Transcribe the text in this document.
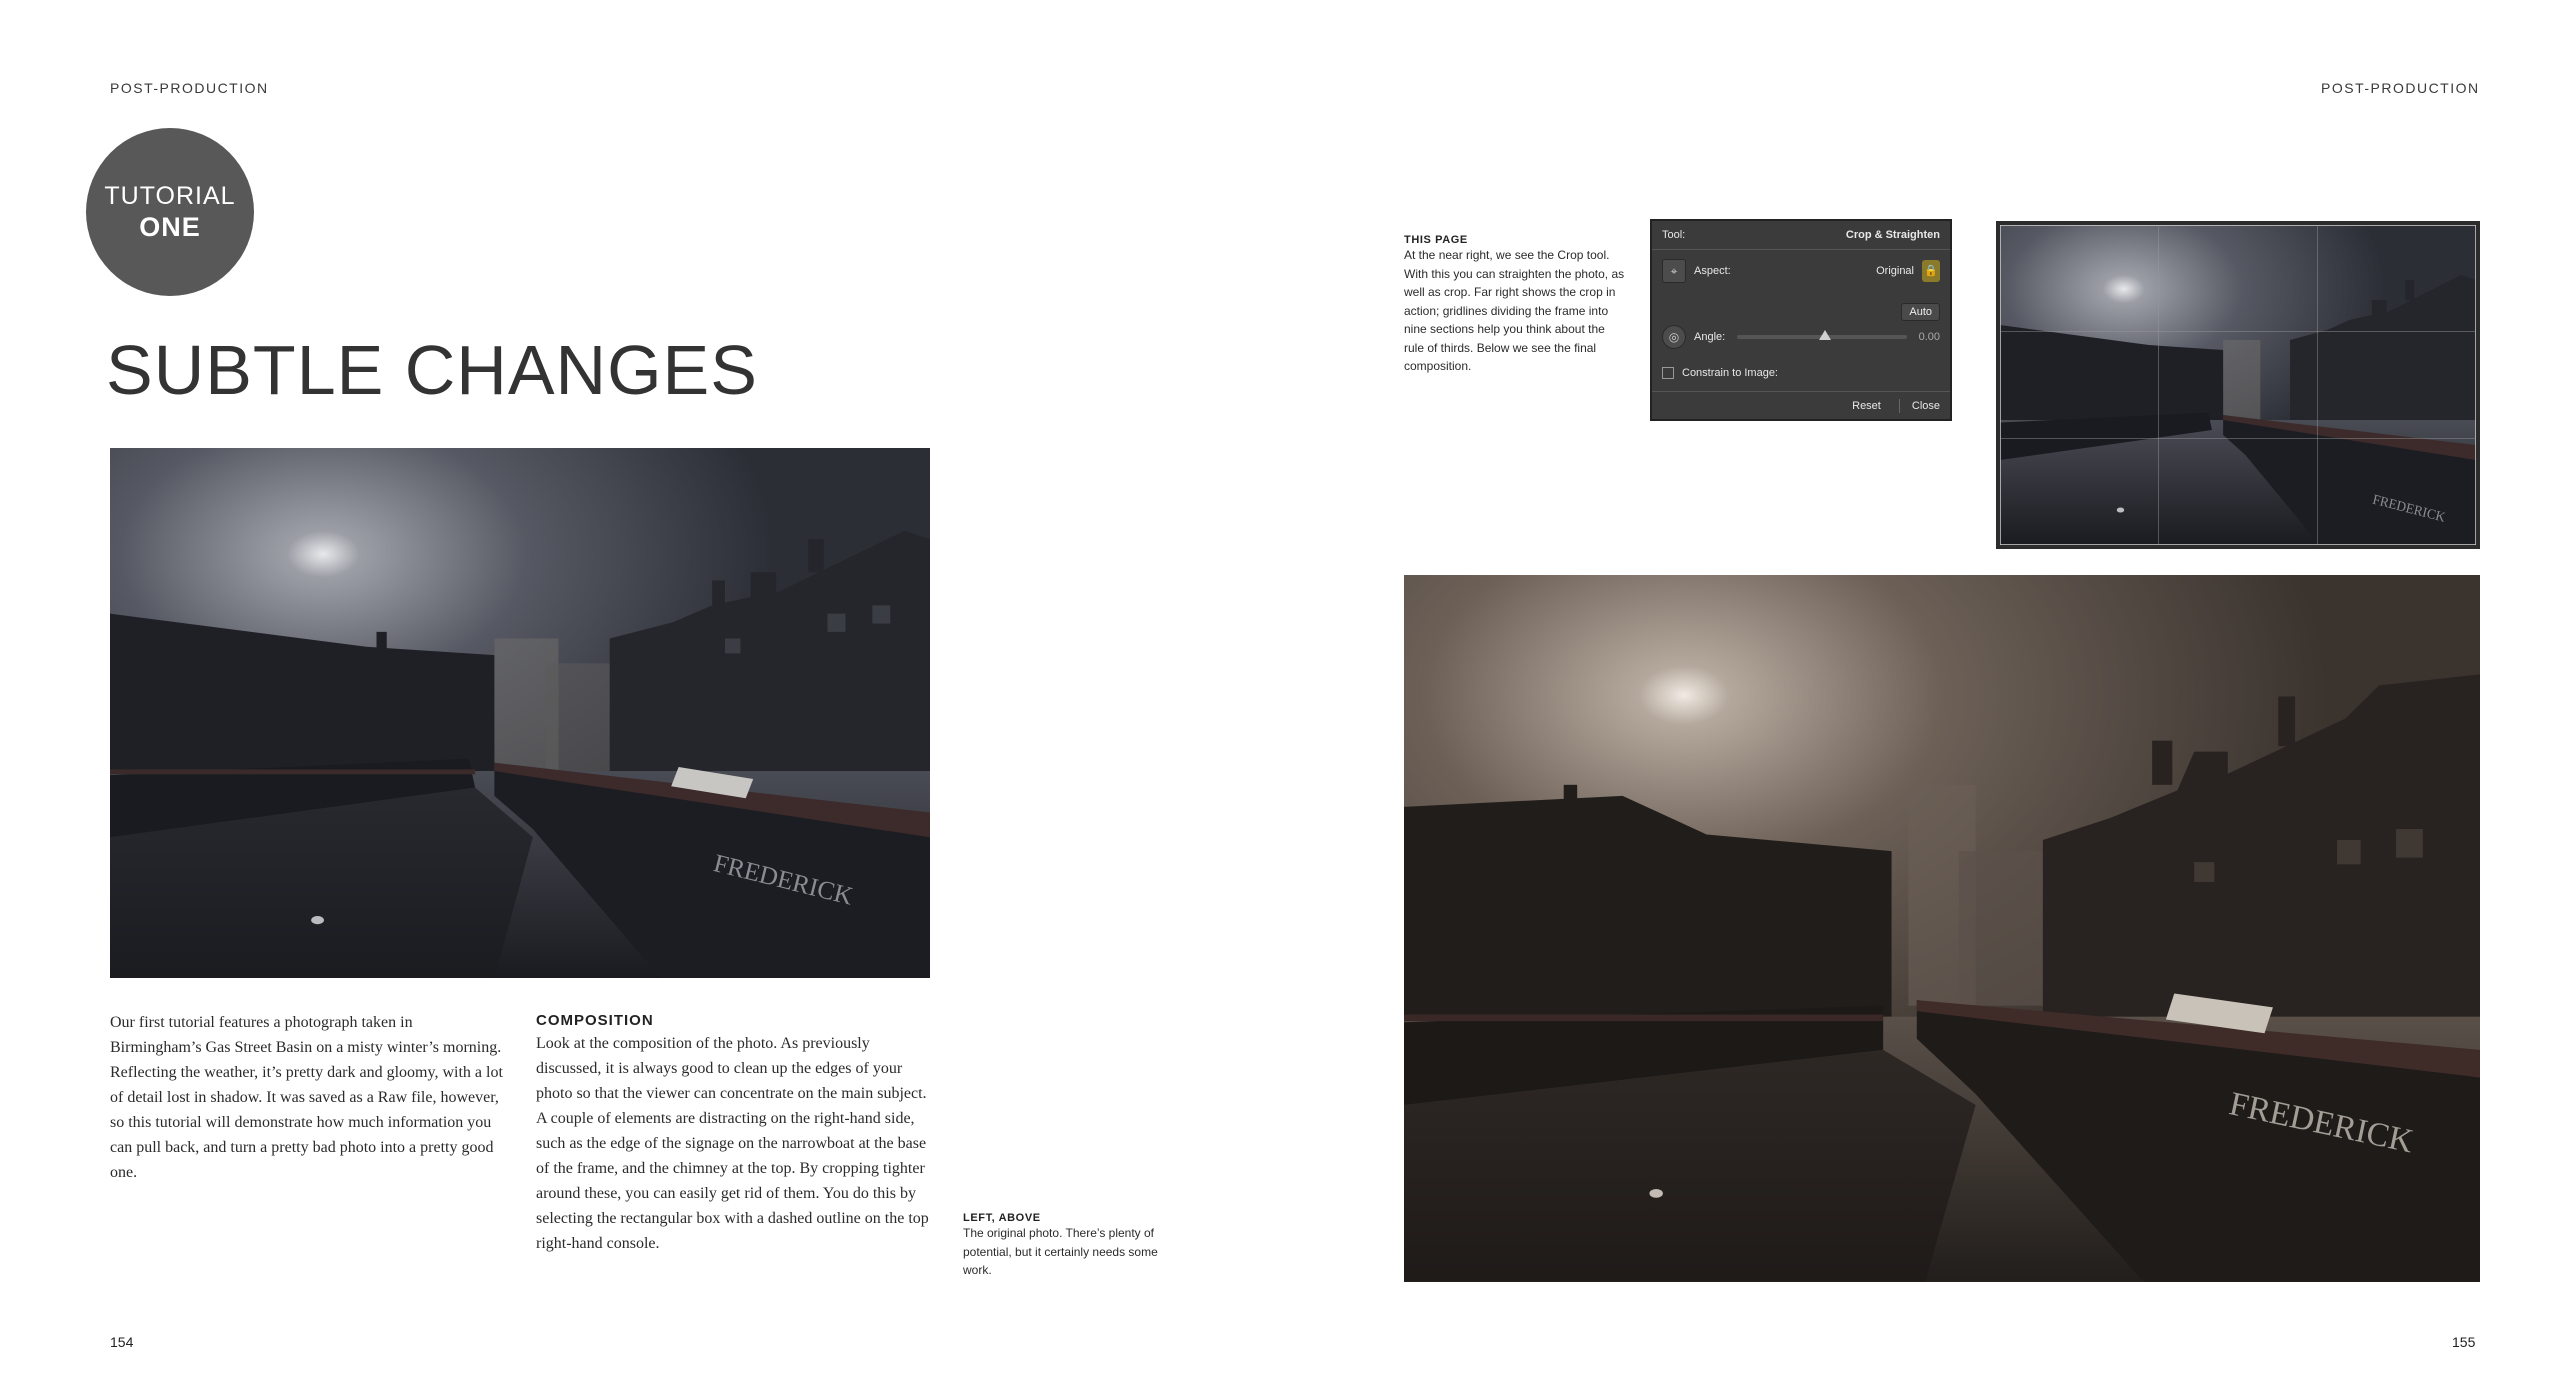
POST-PRODUCTION	POST-PRODUCTION
TUTORIAL
ONE
SUBTLE CHANGES
FREDERICK
Our first tutorial features a photograph taken in Birmingham’s Gas Street Basin on a misty winter’s morning. Reflecting the weather, it’s pretty dark and gloomy, with a lot of detail lost in shadow. It was saved as a Raw file, however, so this tutorial will demonstrate how much information you can pull back, and turn a pretty bad photo into a pretty good one.
COMPOSITION
Look at the composition of the photo. As previously discussed, it is always good to clean up the edges of your photo so that the viewer can concentrate on the main subject. A couple of elements are distracting on the right-hand side, such as the edge of the signage on the narrowboat at the base of the frame, and the chimney at the top. By cropping tighter around these, you can easily get rid of them. You do this by selecting the rectangular box with a dashed outline on the top right-hand console.
LEFT, ABOVE
The original photo. There’s plenty of potential, but it certainly needs some work.
THIS PAGE
At the near right, we see the Crop tool. With this you can straighten the photo, as well as crop. Far right shows the crop in action; gridlines dividing the frame into nine sections help you think about the rule of thirds. Below we see the final composition.
Tool:	Crop & Straighten
⌖	Aspect:	Original 🔒
Auto
◎	Angle:	0.00
Constrain to Image:
Reset	Close
FREDERICK
FREDERICK
154	155
